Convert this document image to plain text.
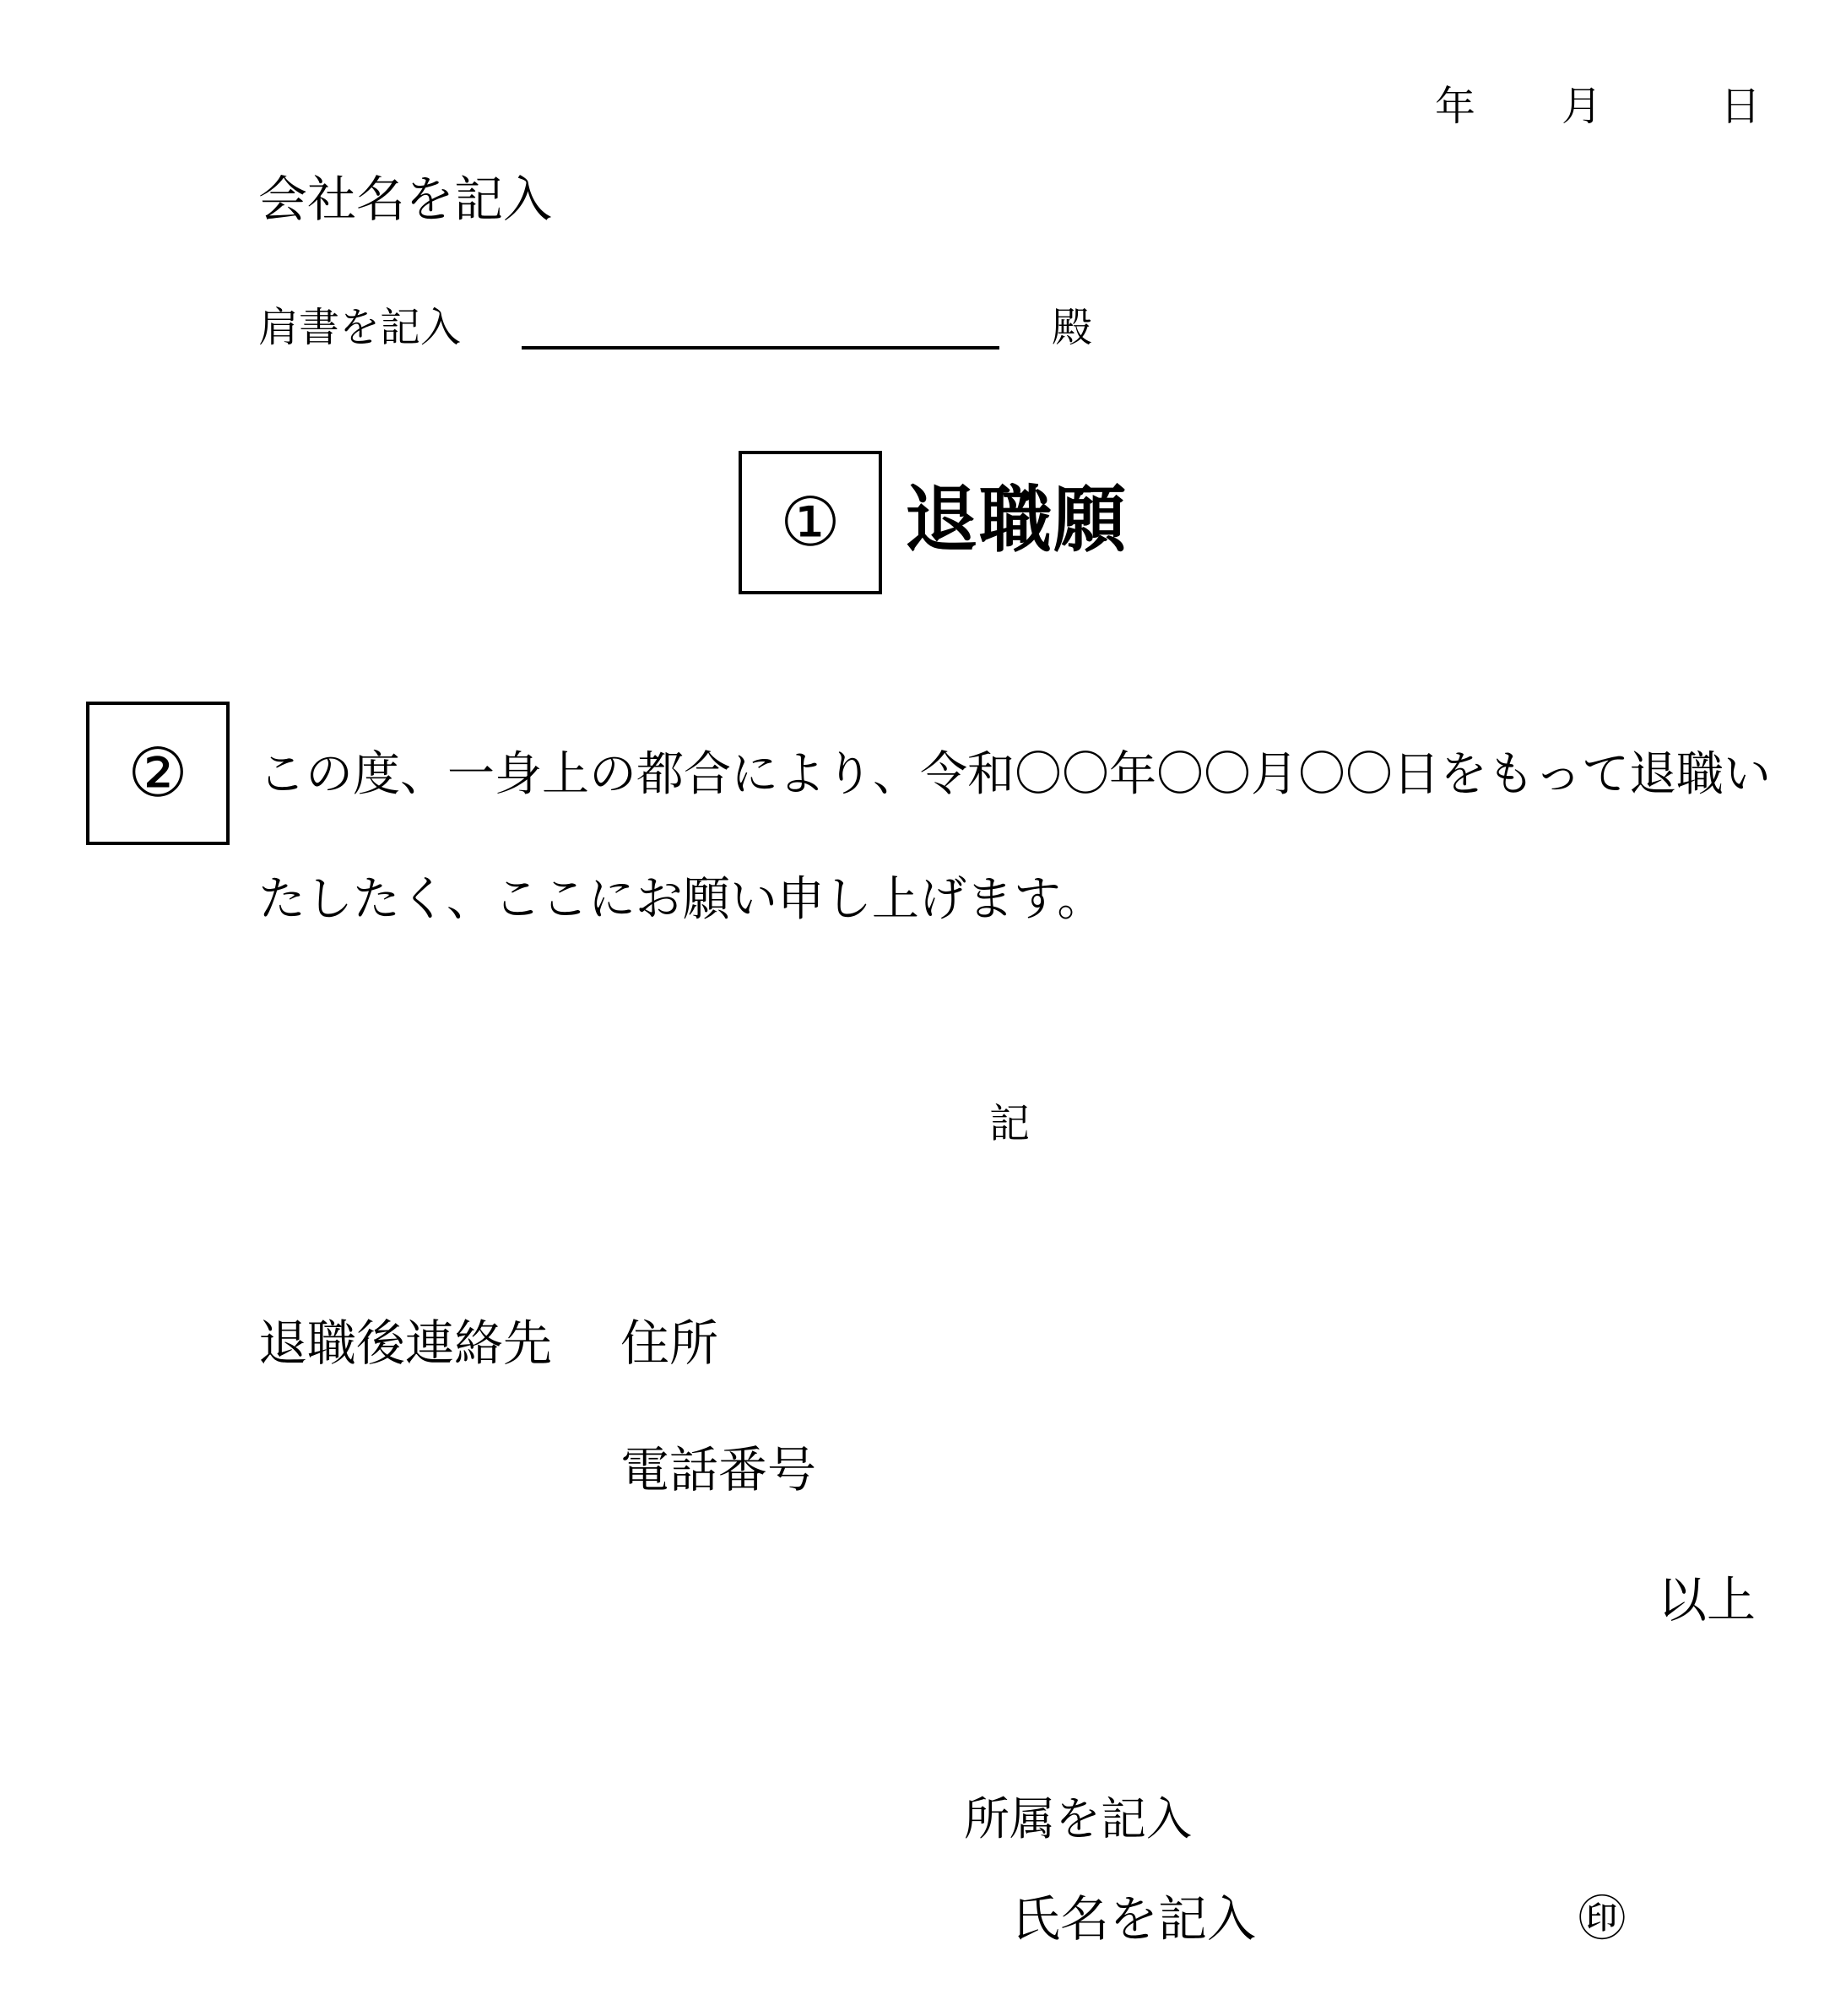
年 月	日
会社名を記入
肩書を記入	殿
① 退職願
② この度、一身上の都合により、令和〇〇年〇〇月〇〇日をもって退職い
たしたく、ここにお願い申し上げます。
記
退職後連絡先 住所
電話番号
以上
所属を記入
氏名を記入	㊞
